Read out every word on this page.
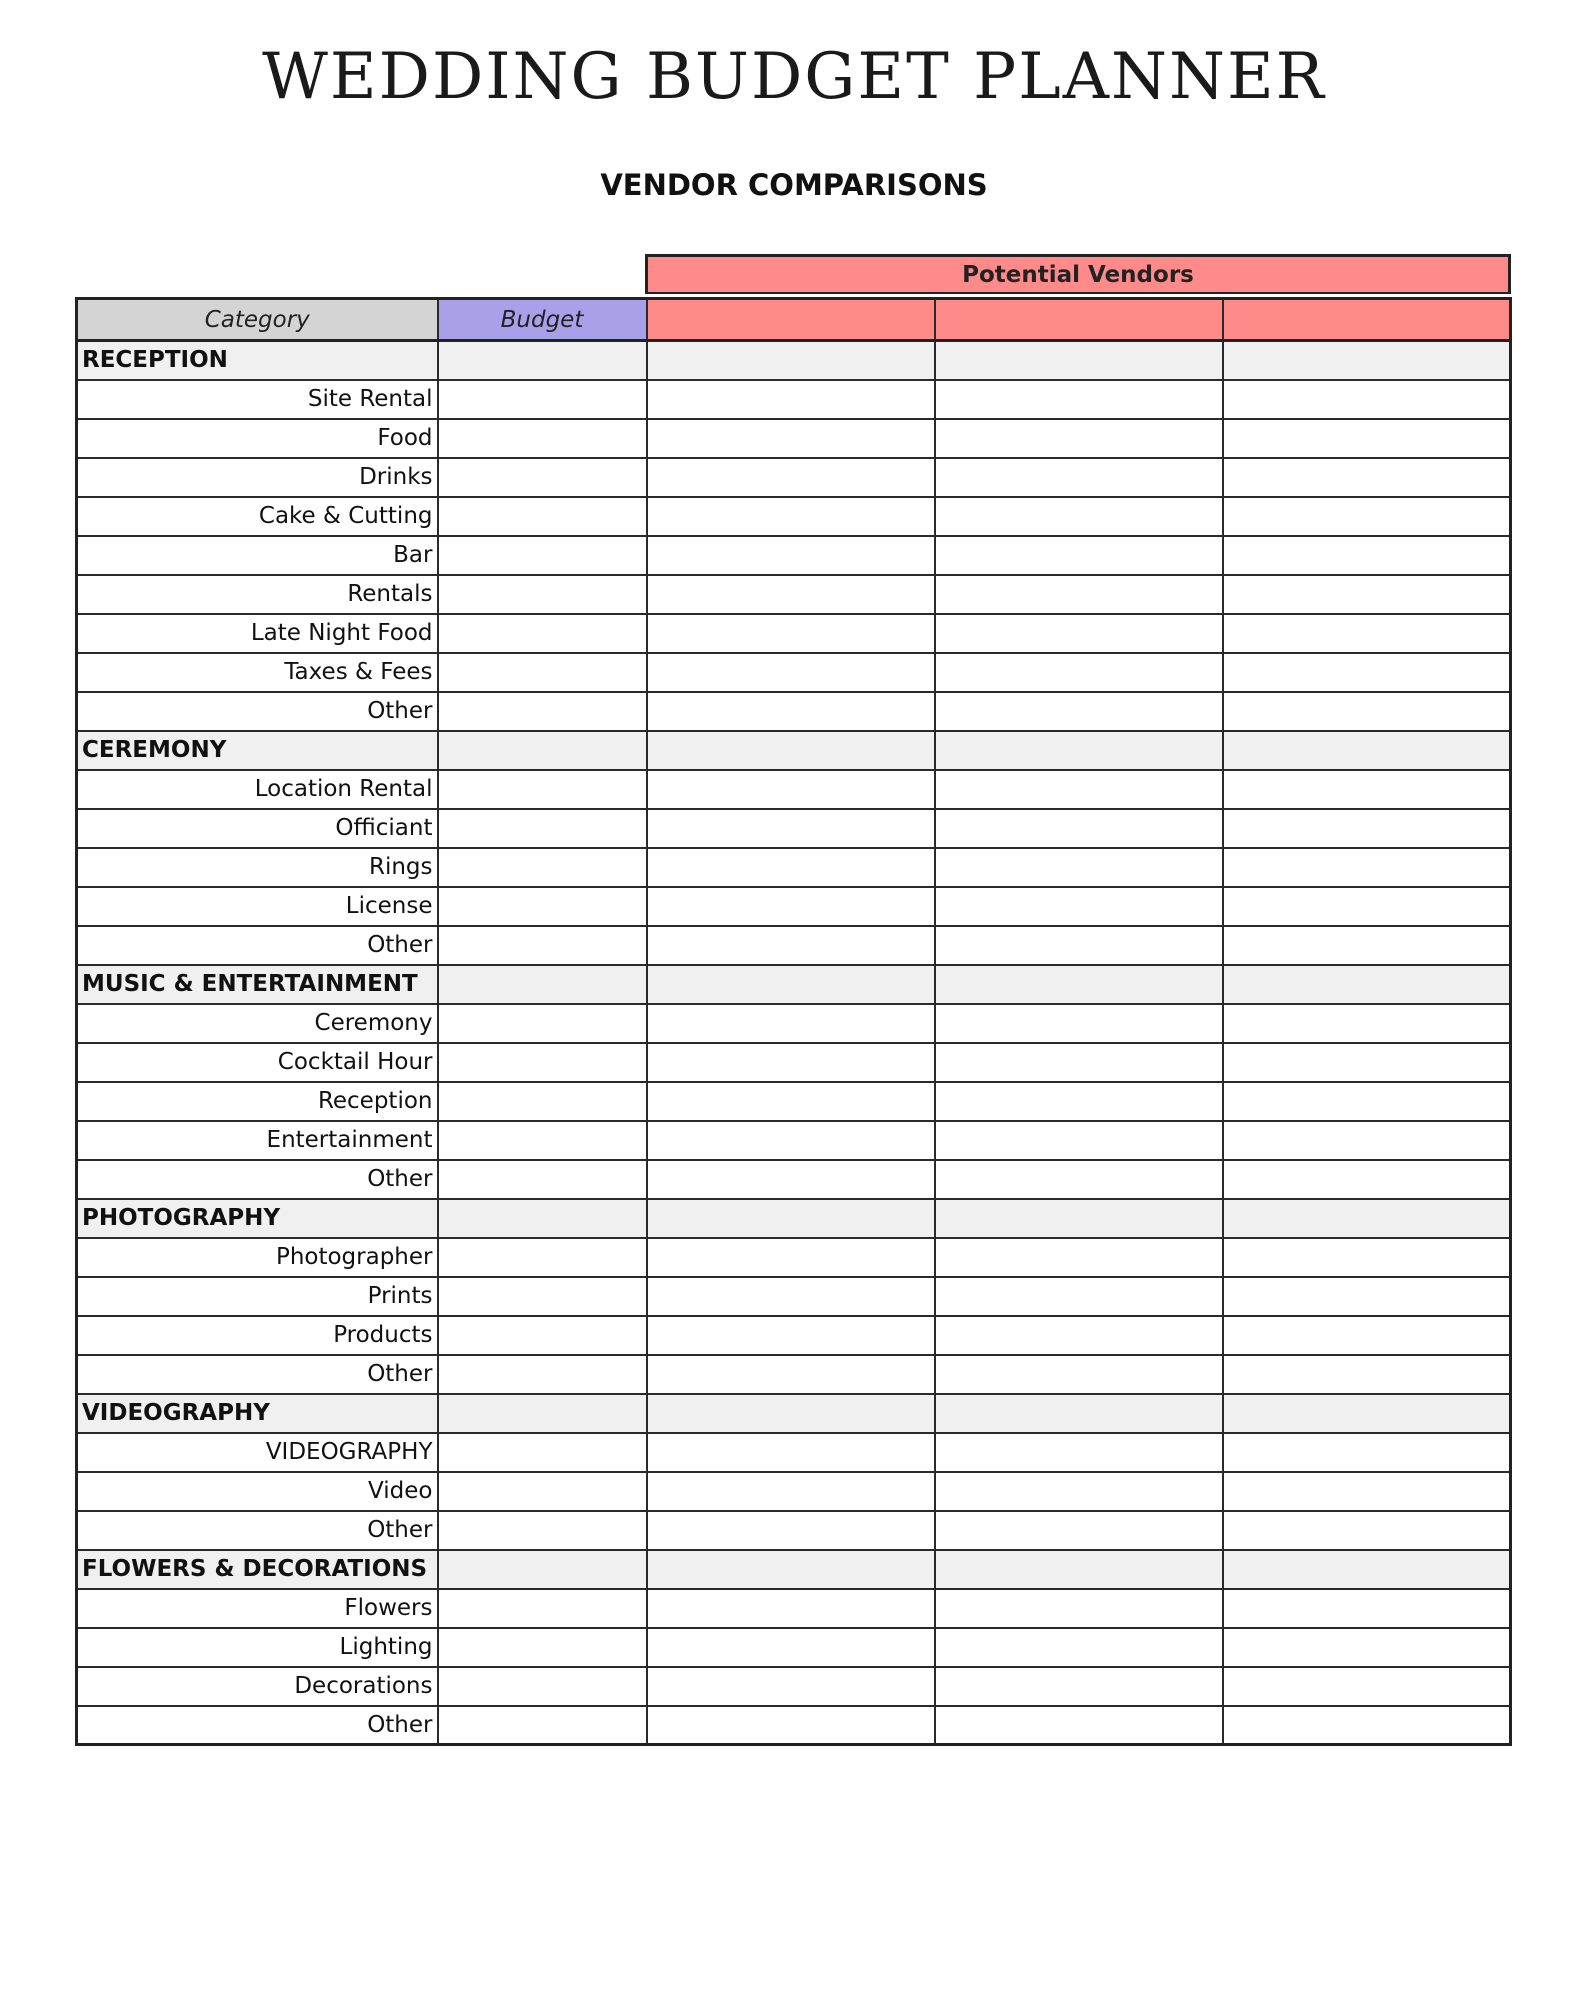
WEDDING BUDGET PLANNER
VENDOR COMPARISONS
Potential Vendors
Category	Budget			
RECEPTION				
Site Rental				
Food				
Drinks				
Cake & Cutting				
Bar				
Rentals				
Late Night Food				
Taxes & Fees				
Other				
CEREMONY				
Location Rental				
Officiant				
Rings				
License				
Other				
MUSIC & ENTERTAINMENT				
Ceremony				
Cocktail Hour				
Reception				
Entertainment				
Other				
PHOTOGRAPHY				
Photographer				
Prints				
Products				
Other				
VIDEOGRAPHY				
VIDEOGRAPHY				
Video				
Other				
FLOWERS & DECORATIONS				
Flowers				
Lighting				
Decorations				
Other				
